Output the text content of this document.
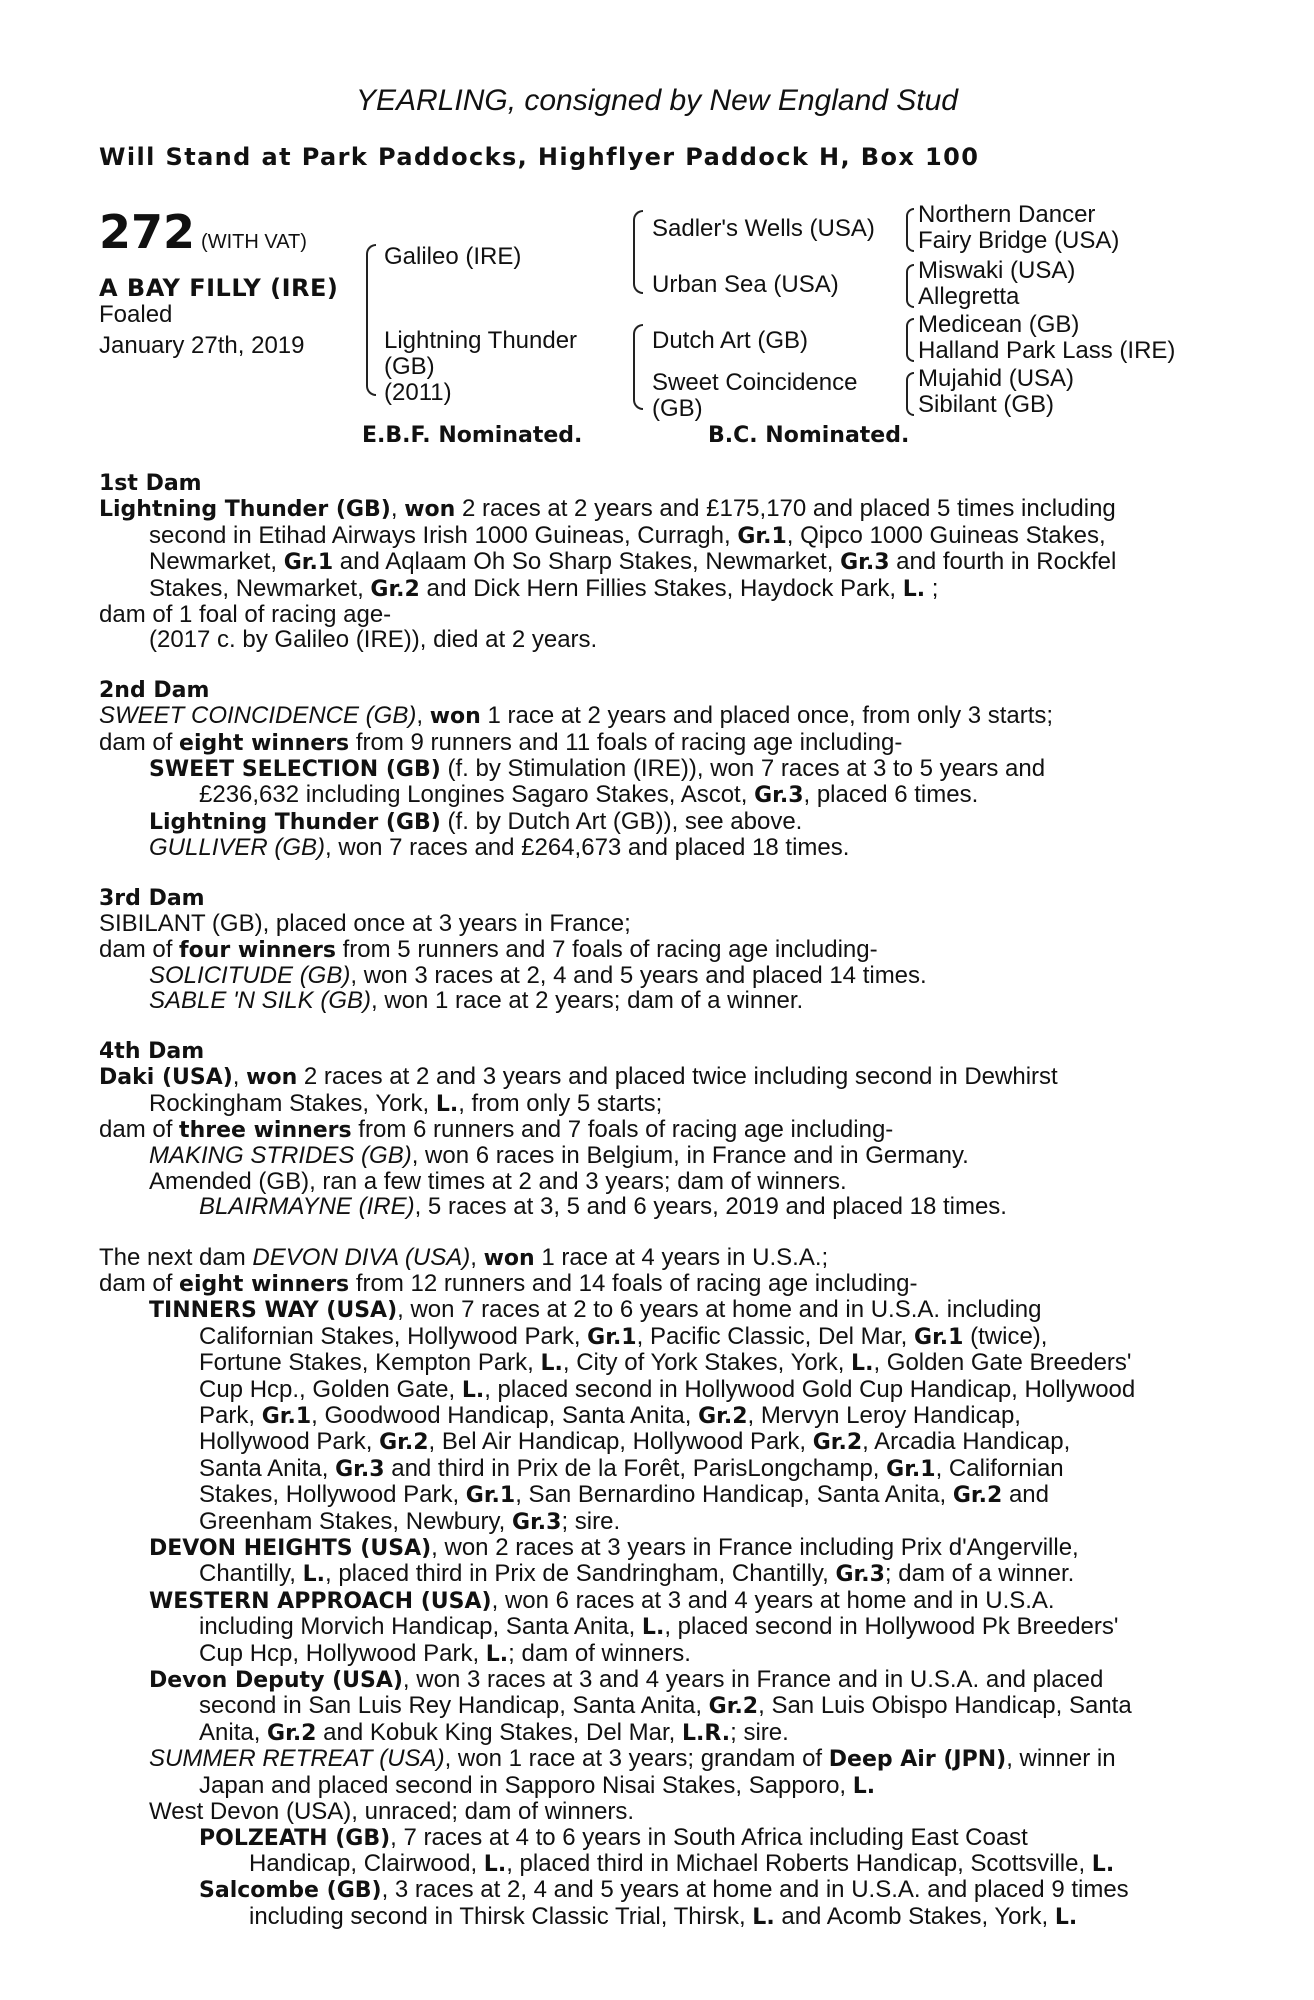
YEARLING, consigned by New England Stud
Will Stand at Park Paddocks, Highflyer Paddock H, Box 100
272 (WITH VAT)
A BAY FILLY (IRE)
Foaled
January 27th, 2019
Galileo (IRE)
Lightning Thunder
(GB)
(2011)
Sadler's Wells (USA)
Urban Sea (USA)
Dutch Art (GB)
Sweet Coincidence
(GB)
Northern Dancer
Fairy Bridge (USA)
Miswaki (USA)
Allegretta
Medicean (GB)
Halland Park Lass (IRE)
Mujahid (USA)
Sibilant (GB)
E.B.F. Nominated.	B.C. Nominated.
1st Dam
Lightning Thunder (GB), won 2 races at 2 years and £175,170 and placed 5 times including
second in Etihad Airways Irish 1000 Guineas, Curragh, Gr.1, Qipco 1000 Guineas Stakes,
Newmarket, Gr.1 and Aqlaam Oh So Sharp Stakes, Newmarket, Gr.3 and fourth in Rockfel
Stakes, Newmarket, Gr.2 and Dick Hern Fillies Stakes, Haydock Park, L. ;
dam of 1 foal of racing age-
(2017 c. by Galileo (IRE)), died at 2 years.
2nd Dam
SWEET COINCIDENCE (GB), won 1 race at 2 years and placed once, from only 3 starts;
dam of eight winners from 9 runners and 11 foals of racing age including-
SWEET SELECTION (GB) (f. by Stimulation (IRE)), won 7 races at 3 to 5 years and
£236,632 including Longines Sagaro Stakes, Ascot, Gr.3, placed 6 times.
Lightning Thunder (GB) (f. by Dutch Art (GB)), see above.
GULLIVER (GB), won 7 races and £264,673 and placed 18 times.
3rd Dam
SIBILANT (GB), placed once at 3 years in France;
dam of four winners from 5 runners and 7 foals of racing age including-
SOLICITUDE (GB), won 3 races at 2, 4 and 5 years and placed 14 times.
SABLE 'N SILK (GB), won 1 race at 2 years; dam of a winner.
4th Dam
Daki (USA), won 2 races at 2 and 3 years and placed twice including second in Dewhirst
Rockingham Stakes, York, L., from only 5 starts;
dam of three winners from 6 runners and 7 foals of racing age including-
MAKING STRIDES (GB), won 6 races in Belgium, in France and in Germany.
Amended (GB), ran a few times at 2 and 3 years; dam of winners.
BLAIRMAYNE (IRE), 5 races at 3, 5 and 6 years, 2019 and placed 18 times.
The next dam DEVON DIVA (USA), won 1 race at 4 years in U.S.A.;
dam of eight winners from 12 runners and 14 foals of racing age including-
TINNERS WAY (USA), won 7 races at 2 to 6 years at home and in U.S.A. including
Californian Stakes, Hollywood Park, Gr.1, Pacific Classic, Del Mar, Gr.1 (twice),
Fortune Stakes, Kempton Park, L., City of York Stakes, York, L., Golden Gate Breeders'
Cup Hcp., Golden Gate, L., placed second in Hollywood Gold Cup Handicap, Hollywood
Park, Gr.1, Goodwood Handicap, Santa Anita, Gr.2, Mervyn Leroy Handicap,
Hollywood Park, Gr.2, Bel Air Handicap, Hollywood Park, Gr.2, Arcadia Handicap,
Santa Anita, Gr.3 and third in Prix de la Forêt, ParisLongchamp, Gr.1, Californian
Stakes, Hollywood Park, Gr.1, San Bernardino Handicap, Santa Anita, Gr.2 and
Greenham Stakes, Newbury, Gr.3; sire.
DEVON HEIGHTS (USA), won 2 races at 3 years in France including Prix d'Angerville,
Chantilly, L., placed third in Prix de Sandringham, Chantilly, Gr.3; dam of a winner.
WESTERN APPROACH (USA), won 6 races at 3 and 4 years at home and in U.S.A.
including Morvich Handicap, Santa Anita, L., placed second in Hollywood Pk Breeders'
Cup Hcp, Hollywood Park, L.; dam of winners.
Devon Deputy (USA), won 3 races at 3 and 4 years in France and in U.S.A. and placed
second in San Luis Rey Handicap, Santa Anita, Gr.2, San Luis Obispo Handicap, Santa
Anita, Gr.2 and Kobuk King Stakes, Del Mar, L.R.; sire.
SUMMER RETREAT (USA), won 1 race at 3 years; grandam of Deep Air (JPN), winner in
Japan and placed second in Sapporo Nisai Stakes, Sapporo, L.
West Devon (USA), unraced; dam of winners.
POLZEATH (GB), 7 races at 4 to 6 years in South Africa including East Coast
Handicap, Clairwood, L., placed third in Michael Roberts Handicap, Scottsville, L.
Salcombe (GB), 3 races at 2, 4 and 5 years at home and in U.S.A. and placed 9 times
including second in Thirsk Classic Trial, Thirsk, L. and Acomb Stakes, York, L.
